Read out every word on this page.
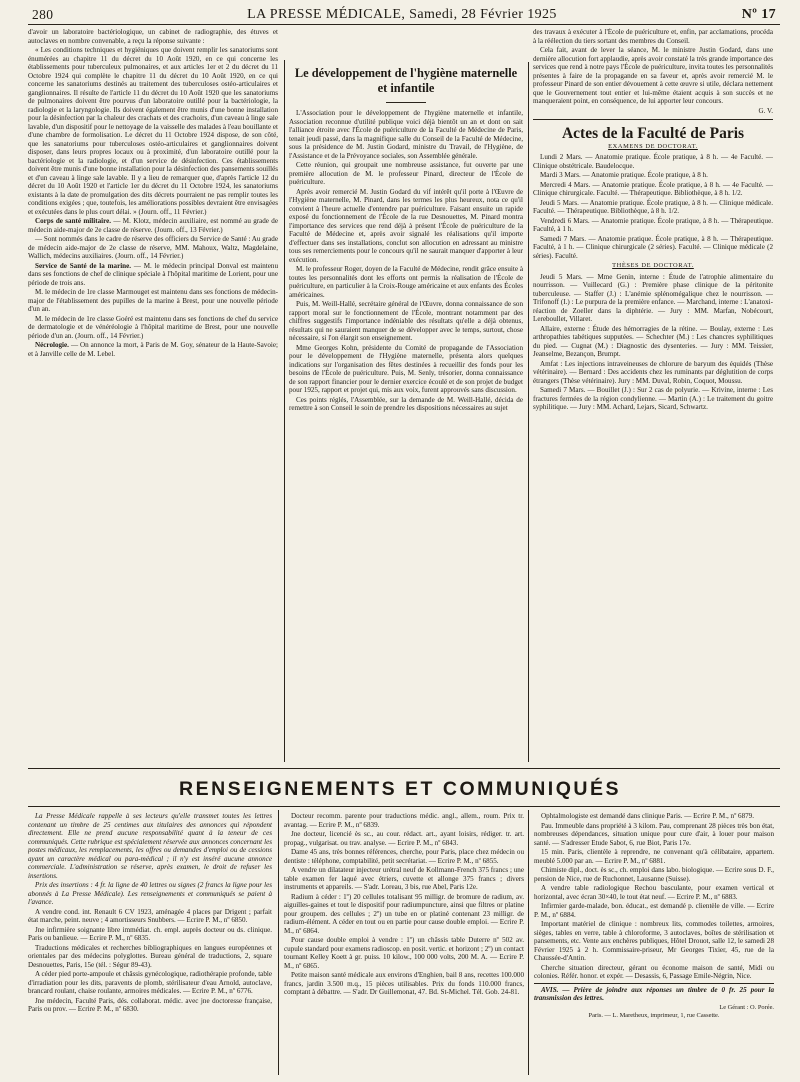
280	LA PRESSE MÉDICALE, Samedi, 28 Février 1925	Nº 17

d'avoir un laboratoire bactériologique, un cabinet de radiographie, des étuves et autoclaves en nombre convenable, a reçu la réponse suivante :

« Les conditions techniques et hygiéniques que doivent remplir les sanatoriums sont énumérées au chapitre 11 du décret du 10 Août 1920, en ce qui concerne les établissements pour tuberculeux pulmonaires, et aux articles 1er et 2 du décret du 11 Octobre 1924 qui complète le chapitre 11 du décret du 10 Août 1920, en ce qui concerne les sanatoriums destinés au traitement des tuberculoses ostéo-articulaires et ganglionnaires. Il résulte de l'article 11 du décret du 10 Août 1920 que les sanatoriums de pulmonaires doivent être pourvus d'un laboratoire outillé pour la bactériologie, la radiologie et la laryngologie. Ils doivent également être munis d'une bonne installation pour la désinfection par la chaleur des crachats et des crachoirs, d'un caveau à linge sale lavable, d'un dispositif pour le nettoyage de la vaisselle des malades à l'eau bouillante et d'une chambre de formolisation. Le décret du 11 Octobre 1924 dispose, de son côté, que les sanatoriums pour tuberculoses ostéo-articulaires et ganglionnaires doivent disposer, dans leurs propres locaux ou à proximité, d'un laboratoire outillé pour la bactériologie et la radiologie, et d'un service de désinfection. Ces établissements doivent être munis d'une bonne installation pour la désinfection des pansements souillés et d'un caveau à linge sale lavable. Il y a lieu de remarquer que, d'après l'article 12 du décret du 10 Août 1920 et l'article 1er du décret du 11 Octobre 1924, les sanatoriums existants à la date de promulgation des dits décrets pourraient ne pas remplir toutes les conditions exigées ; que, toutefois, les améliorations possibles devraient être envisagées et exécutées dans le plus court délai. » (Journ. off., 11 Février.)

Corps de santé militaire. — M. Klotz, médecin auxiliaire, est nommé au grade de médecin aide-major de 2e classe de réserve. (Journ. off., 13 Février.)

— Sont nommés dans le cadre de réserve des officiers du Service de Santé : Au grade de médecin aide-major de 2e classe de réserve, MM. Mahoux, Waltz, Magdelaine, Wallich, médecins auxiliaires. (Journ. off., 14 Février.)

Service de Santé de la marine. — M. le médecin principal Donval est maintenu dans ses fonctions de chef de clinique spéciale à l'hôpital maritime de Lorient, pour une période de trois ans.

M. le médecin de 1re classe Marmouget est maintenu dans ses fonctions de médecin-major de l'établissement des pupilles de la marine à Brest, pour une nouvelle période d'un an.

M. le médecin de 1re classe Goéré est maintenu dans ses fonctions de chef du service de dermatologie et de vénéréologie à l'hôpital maritime de Brest, pour une nouvelle période d'un an. (Journ. off., 14 Février.)

Nécrologie. — On annonce la mort, à Paris de M. Goy, sénateur de la Haute-Savoie; et à Janville celle de M. Lebel.

Le développement de l'hygiène maternelle et infantile

L'Association pour le développement de l'hygiène maternelle et infantile, Association reconnue d'utilité publique voici déjà bientôt un an et dont on sait l'alliance étroite avec l'École de puériculture de la Faculté de Médecine de Paris, tenait jeudi passé, dans la magnifique salle du Conseil de la Faculté de Médecine, sous la présidence de M. Justin Godard, ministre du Travail, de l'Hygiène, de l'Assistance et de la Prévoyance sociales, son Assemblée générale.

Cette réunion, qui groupait une nombreuse assistance, fut ouverte par une première allocution de M. le professeur Pinard, directeur de l'École de puériculture.

Après avoir remercié M. Justin Godard du vif intérêt qu'il porte à l'Œuvre de l'Hygiène maternelle, M. Pinard, dans les termes les plus heureux, nota ce qu'il convient à l'heure actuelle d'entendre par puériculture. Faisant ensuite un rapide exposé du fonctionnement de l'École de la rue Desnouettes, M. Pinard montra l'importance des services que rend déjà à présent l'École de puériculture de la Faculté de Médecine et, après avoir signalé les réalisations qu'il importe d'effectuer dans ses installations, conclut son allocution en adressant au ministre tous ses remerciements pour le concours qu'il ne saurait manquer d'apporter à leur exécution.

M. le professeur Roger, doyen de la Faculté de Médecine, rendit grâce ensuite à toutes les personnalités dont les efforts ont permis la réalisation de l'École de puériculture, en particulier à la Croix-Rouge américaine et aux enfants des Écoles américaines.

Puis, M. Weill-Hallé, secrétaire général de l'Œuvre, donna connaissance de son rapport moral sur le fonctionnement de l'École, montrant notamment par des chiffres suggestifs l'importance indéniable des résultats qu'elle a déjà obtenus, résultats qui ne sauraient manquer de se développer avec le temps, surtout, chose nécessaire, si l'on élargit son enseignement.

Mme Georges Kohn, présidente du Comité de propagande de l'Association pour le développement de l'Hygiène maternelle, présenta alors quelques indications sur l'organisation des fêtes destinées à recueillir des fonds pour les besoins de l'École de puériculture. Puis, M. Senly, trésorier, donna connaissance de son rapport financier pour le dernier exercice écoulé et de son projet de budget pour 1925, rapport et projet qui, mis aux voix, furent approuvés sans discussion.

Ces points réglés, l'Assemblée, sur la demande de M. Weill-Hallé, décida de remettre à son Conseil le soin de prendre les dispositions nécessaires au sujet

des travaux à exécuter à l'École de puériculture et, enfin, par acclamations, procéda à la réélection du tiers sortant des membres du Conseil.

Cela fait, avant de lever la séance, M. le ministre Justin Godard, dans une dernière allocution fort applaudie, après avoir constaté la très grande importance des services que rend à notre pays l'École de puériculture, invita toutes les personnalités présentes à faire de la propagande en sa faveur et, après avoir remercié M. le professeur Pinard de son entier dévouement à cette œuvre si utile, déclara nettement que le Gouvernement tout entier et lui-même étaient acquis à son succès et ne manqueraient point, en conséquence, de lui apporter leur concours.

G. V.
Actes de la Faculté de Paris
EXAMENS DE DOCTORAT.

Lundi 2 Mars. — Anatomie pratique. École pratique, à 8 h. — 4e Faculté. — Clinique obstétricale. Baudelocque.

Mardi 3 Mars. — Anatomie pratique. École pratique, à 8 h.

Mercredi 4 Mars. — Anatomie pratique. École pratique, à 8 h. — 4e Faculté. — Clinique chirurgicale. Faculté. — Thérapeutique. Bibliothèque, à 8 h. 1/2.

Jeudi 5 Mars. — Anatomie pratique. École pratique, à 8 h. — Clinique médicale. Faculté. — Thérapeutique. Bibliothèque, à 8 h. 1/2.

Vendredi 6 Mars. — Anatomie pratique. École pratique, à 8 h. — Thérapeutique. Faculté, à 1 h.

Samedi 7 Mars. — Anatomie pratique. École pratique, à 8 h. — Thérapeutique. Faculté, à 1 h. — Clinique chirurgicale (2 séries). Faculté. — Clinique médicale (2 séries). Faculté.

THÈSES DE DOCTORAT.

Jeudi 5 Mars. — Mme Genin, interne : Étude de l'atrophie alimentaire du nourrisson. — Vuillecard (G.) : Première phase clinique de la péritonite tuberculeuse. — Staffer (J.) : L'anémie splénomégalique chez le nourrisson. — Trifonoff (I.) : Le purpura de la première enfance. — Marchand, interne : L'anatoxi-réaction de Zoeller dans la diphtérie. — Jury : MM. Marfan, Nobécourt, Lereboullet, Villaret.

Allaire, externe : Étude des hémorragies de la rétine. — Boulay, externe : Les arthropathies tabétiques supputées. — Schechter (M.) : Les chancres syphilitiques du pied. — Cugnat (M.) : Diagnostic des dysenteries. — Jury : MM. Teissier, Jeanselme, Bezançon, Brumpt.

Amfat : Les injections intraveineuses de chlorure de baryum des équidés (Thèse vétérinaire). — Bernard : Des accidents chez les ruminants par déglutition de corps étrangers (Thèse vétérinaire). Jury : MM. Duval, Robin, Coquot, Moussu.

Samedi 7 Mars. — Bouillet (J.) : Sur 2 cas de polyurie. — Krivine, interne : Les fractures fermées de la région condylienne. — Martin (A.) : Le traitement du goitre syphilitique. — Jury : MM. Achard, Lejars, Sicard, Schwartz.

RENSEIGNEMENTS ET COMMUNIQUÉS

La Presse Médicale rappelle à ses lecteurs qu'elle transmet toutes les lettres contenant un timbre de 25 centimes aux titulaires des annonces qui répondent directement. Elle ne prend aucune responsabilité quant à la teneur de ces communiqués. Cette rubrique est spécialement réservée aux annonces concernant les postes médicaux, les remplacements, les offres ou demandes d'emploi ou de cessions ayant un caractère médical ou para-médical ; il n'y est inséré aucune annonce commerciale. L'administration se réserve, après examen, le droit de refuser les insertions.

Prix des insertions : 4 fr. la ligne de 40 lettres ou signes (2 francs la ligne pour les abonnés à La Presse Médicale). Les renseignements et communiqués se paient à l'avance.

A vendre cond. int. Renault 6 CV 1923, aménagée 4 places par Drigent ; parfait état marche, peint. neuve ; 4 amortisseurs Snubbers. — Ecrire P. M., nº 6850.

Jne infirmière soignante libre immédiat. ch. empl. auprès docteur ou ds. clinique. Paris ou banlieue. — Ecrire P. M., nº 6835.

Traductions médicales et recherches bibliographiques en langues européennes et orientales par des médecins polyglottes. Bureau général de traductions, 2, square Desnouettes, Paris, 15e (tél. : Ségur 89-43).

A céder pied porte-ampoule et châssis gynécologique, radiothérapie profonde, table d'irradiation pour les dits, paravents de plomb, stérilisateur d'eau Arnold, autoclave, brancard roulant, chaise roulante, armoires médicales. — Ecrire P. M., nº 6776.

Jne médecin, Faculté Paris, dés. collaborat. médic. avec jne doctoresse française, Paris ou prov. — Ecrire P. M., nº 6830.

Docteur recomm. parente pour traductions médic. angl., allem., roum. Prix tr. avantag. — Ecrire P. M., nº 6839.

Jne docteur, licencié ès sc., au cour. rédact. art., ayant loisirs, rédiger. tr. art. propag., vulgarisat. ou trav. analyse. — Ecrire P. M., nº 6843.

Dame 45 ans, très bonnes références, cherche, pour Paris, place chez médecin ou dentiste : téléphone, comptabilité, petit secrétariat. — Ecrire P. M., nº 6855.

A vendre un dilatateur injecteur urétral neuf de Kollmann-French 375 francs ; une table examen fer laqué avec étriers, cuvette et allonge 375 francs ; divers instruments et appareils. — S'adr. Loreau, 3 bis, rue Abel, Paris 12e.

Radium à céder : 1º) 20 cellules totalisant 95 milligr. de bromure de radium, av. aiguilles-gaines et tout le dispositif pour radiumpuncture, ainsi que filtres or platine pour groupem. des cellules ; 2º) un tube en or platiné contenant 23 milligr. de radium-élément. A céder en tout ou en partie pour cause double emploi. — Ecrire P. M., nº 6864.

Pour cause double emploi à vendre : 1º) un châssis table Duterre nº 502 av. cupule standard pour examens radioscop. en posit. vertic. et horizont ; 2º) un contact tournant Kelley Koett à gr. puiss. 10 kilow., 100 000 volts, 200 M. A. — Ecrire P. M., nº 6865.

Petite maison santé médicale aux environs d'Enghien, bail 8 ans, recettes 100.000 francs, jardin 3.500 m.q., 15 pièces utilisables. Prix du fonds 110.000 francs, comptant à débattre. — S'adr. Dr Guillemonat, 47. Bd. St-Michel. Tél. Gob. 24-81.

Ophtalmologiste est demandé dans clinique Paris. — Ecrire P. M., nº 6879.

Pau. Immeuble dans propriété à 3 kilom. Pau, comprenant 28 pièces très bon état, nombreuses dépendances, situation unique pour cure d'air, à louer pour maison santé. — S'adresser Etude Sabot, 6, rue Biot, Paris 17e.

15 min. Paris, clientèle à reprendre, ne convenant qu'à célibataire, appartem. meublé 5.000 par an. — Ecrire P. M., nº 6881.

Chimiste dipl., doct. ès sc., ch. emploi dans labo. biologique. — Ecrire sous D. F., pension de Nice, rue de Ruchonnet, Lausanne (Suisse).

A vendre table radiologique Rechou basculante, pour examen vertical et horizontal, avec écran 30×40, le tout état neuf. — Ecrire P. M., nº 6883.

Infirmier garde-malade, bon. éducat., est demandé p. clientèle de ville. — Ecrire P. M., nº 6884.

Important matériel de clinique : nombreux lits, commodes toilettes, armoires, sièges, tables en verre, table à chloroforme, 3 autoclaves, boîtes de stérilisation et pansements, etc. Vente aux enchères publiques, Hôtel Drouot, salle 12, le samedi 28 Février 1925 à 2 h. Commissaire-priseur, Mr Georges Tixier, 45, rue de la Chaussée-d'Antin.

Cherche situation directeur, gérant ou économe maison de santé, Midi ou colonies. Référ. honor. et expér. — Desassis, 6, Passage Emile-Négrin, Nice.

AVIS. — Prière de joindre aux réponses un timbre de 0 fr. 25 pour la transmission des lettres.

Le Gérant : O. Porée.
Paris. — L. Maretheux, imprimeur, 1, rue Cassette.
